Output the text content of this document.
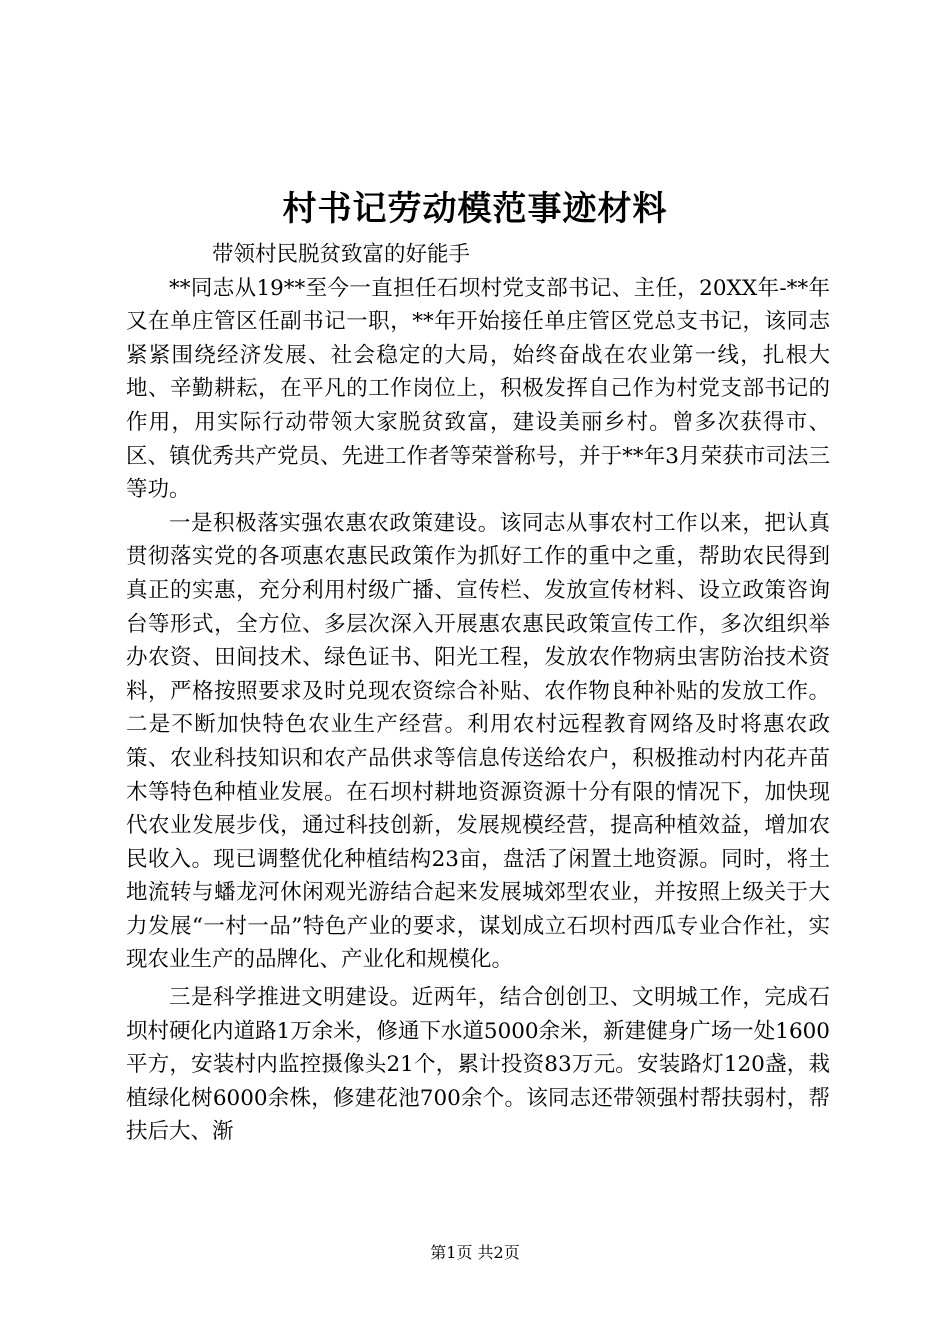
村书记劳动模范事迹材料

　　带领村民脱贫致富的好能手

**同志从19**至今一直担任石坝村党支部书记、主任，20XX年-**年又在单庄管区任副书记一职，**年开始接任单庄管区党总支书记，该同志紧紧围绕经济发展、社会稳定的大局，始终奋战在农业第一线，扎根大地、辛勤耕耘，在平凡的工作岗位上，积极发挥自己作为村党支部书记的作用，用实际行动带领大家脱贫致富，建设美丽乡村。曾多次获得市、区、镇优秀共产党员、先进工作者等荣誉称号，并于**年3月荣获市司法三等功。

一是积极落实强农惠农政策建设。该同志从事农村工作以来，把认真贯彻落实党的各项惠农惠民政策作为抓好工作的重中之重，帮助农民得到真正的实惠，充分利用村级广播、宣传栏、发放宣传材料、设立政策咨询台等形式，全方位、多层次深入开展惠农惠民政策宣传工作，多次组织举办农资、田间技术、绿色证书、阳光工程，发放农作物病虫害防治技术资料，严格按照要求及时兑现农资综合补贴、农作物良种补贴的发放工作。二是不断加快特色农业生产经营。利用农村远程教育网络及时将惠农政策、农业科技知识和农产品供求等信息传送给农户，积极推动村内花卉苗木等特色种植业发展。在石坝村耕地资源资源十分有限的情况下，加快现代农业发展步伐，通过科技创新，发展规模经营，提高种植效益，增加农民收入。现已调整优化种植结构23亩，盘活了闲置土地资源。同时，将土地流转与蟠龙河休闲观光游结合起来发展城郊型农业，并按照上级关于大力发展“一村一品”特色产业的要求，谋划成立石坝村西瓜专业合作社，实现农业生产的品牌化、产业化和规模化。

三是科学推进文明建设。近两年，结合创创卫、文明城工作，完成石坝村硬化内道路1万余米，修通下水道5000余米，新建健身广场一处1600平方，安装村内监控摄像头21个，累计投资83万元。安装路灯120盏，栽植绿化树6000余株，修建花池700余个。该同志还带领强村帮扶弱村，帮扶后大、渐

第1页 共2页
